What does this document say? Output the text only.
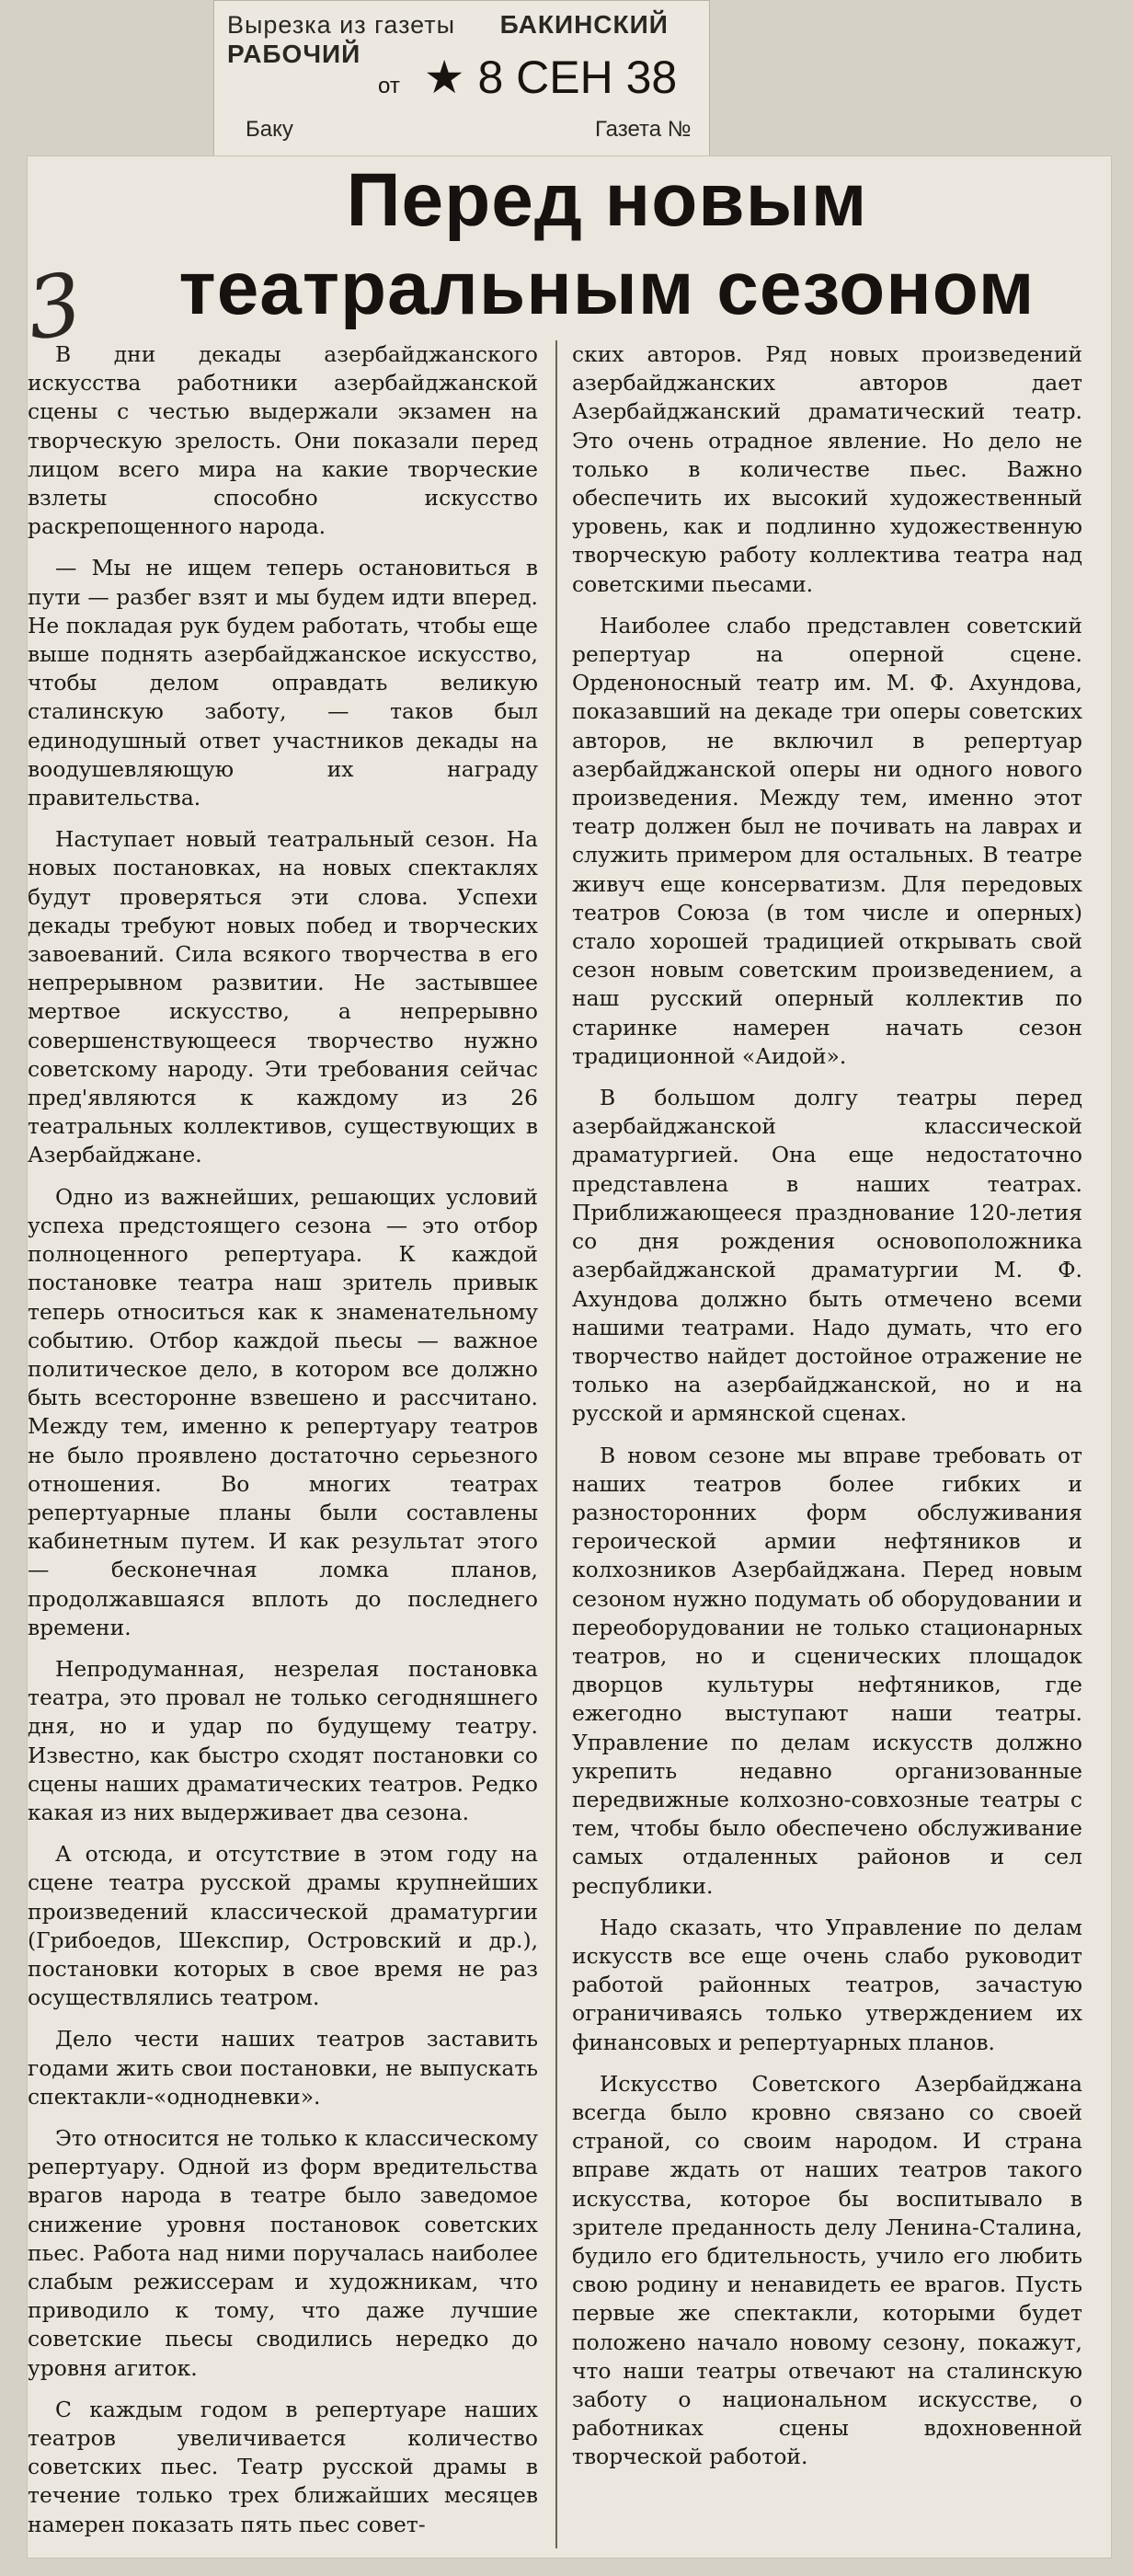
Вырезка из газеты БАКИНСКИЙ РАБОЧИЙ
от ★ 8 СЕН 38
Баку	Газета №
3
Перед новым
театральным сезоном

В дни декады азербайджанского искусства работники азербайджанской сцены с честью выдержали экзамен на творческую зрелость. Они показали перед лицом всего мира на какие творческие взлеты способно искусство раскрепощенного народа.

— Мы не ищем теперь остановиться в пути — разбег взят и мы будем идти вперед. Не покладая рук будем работать, чтобы еще выше поднять азербайджанское искусство, чтобы делом оправдать великую сталинскую заботу, — таков был единодушный ответ участников декады на воодушевляющую их награду правительства.

Наступает новый театральный сезон. На новых постановках, на новых спектаклях будут проверяться эти слова. Успехи декады требуют новых побед и творческих завоеваний. Сила всякого творчества в его непрерывном развитии. Не застывшее мертвое искусство, а непрерывно совершенствующееся творчество нужно советскому народу. Эти требования сейчас пред'являются к каждому из 26 театральных коллективов, существующих в Азербайджане.

Одно из важнейших, решающих условий успеха предстоящего сезона — это отбор полноценного репертуара. К каждой постановке театра наш зритель привык теперь относиться как к знаменательному событию. Отбор каждой пьесы — важное политическое дело, в котором все должно быть всесторонне взвешено и рассчитано. Между тем, именно к репертуару театров не было проявлено достаточно серьезного отношения. Во многих театрах репертуарные планы были составлены кабинетным путем. И как результат этого — бесконечная ломка планов, продолжавшаяся вплоть до последнего времени.

Непродуманная, незрелая постановка театра, это провал не только сегодняшнего дня, но и удар по будущему театру. Известно, как быстро сходят постановки со сцены наших драматических театров. Редко какая из них выдерживает два сезона.

А отсюда, и отсутствие в этом году на сцене театра русской драмы крупнейших произведений классической драматургии (Грибоедов, Шекспир, Островский и др.), постановки которых в свое время не раз осуществлялись театром.

Дело чести наших театров заставить годами жить свои постановки, не выпускать спектакли-«однодневки».

Это относится не только к классическому репертуару. Одной из форм вредительства врагов народа в театре было заведомое снижение уровня постановок советских пьес. Работа над ними поручалась наиболее слабым режиссерам и художникам, что приводило к тому, что даже лучшие советские пьесы сводились нередко до уровня агиток.

С каждым годом в репертуаре наших театров увеличивается количество советских пьес. Театр русской драмы в течение только трех ближайших месяцев намерен показать пять пьес совет-

ских авторов. Ряд новых произведений азербайджанских авторов дает Азербайджанский драматический театр. Это очень отрадное явление. Но дело не только в количестве пьес. Важно обеспечить их высокий художественный уровень, как и подлинно художественную творческую работу коллектива театра над советскими пьесами.

Наиболее слабо представлен советский репертуар на оперной сцене. Орденоносный театр им. М. Ф. Ахундова, показавший на декаде три оперы советских авторов, не включил в репертуар азербайджанской оперы ни одного нового произведения. Между тем, именно этот театр должен был не почивать на лаврах и служить примером для остальных. В театре живуч еще консерватизм. Для передовых театров Союза (в том числе и оперных) стало хорошей традицией открывать свой сезон новым советским произведением, а наш русский оперный коллектив по старинке намерен начать сезон традиционной «Аидой».

В большом долгу театры перед азербайджанской классической драматургией. Она еще недостаточно представлена в наших театрах. Приближающееся празднование 120-летия со дня рождения основоположника азербайджанской драматургии М. Ф. Ахундова должно быть отмечено всеми нашими театрами. Надо думать, что его творчество найдет достойное отражение не только на азербайджанской, но и на русской и армянской сценах.

В новом сезоне мы вправе требовать от наших театров более гибких и разносторонних форм обслуживания героической армии нефтяников и колхозников Азербайджана. Перед новым сезоном нужно подумать об оборудовании и переоборудовании не только стационарных театров, но и сценических площадок дворцов культуры нефтяников, где ежегодно выступают наши театры. Управление по делам искусств должно укрепить недавно организованные передвижные колхозно-совхозные театры с тем, чтобы было обеспечено обслуживание самых отдаленных районов и сел республики.

Надо сказать, что Управление по делам искусств все еще очень слабо руководит работой районных театров, зачастую ограничиваясь только утверждением их финансовых и репертуарных планов.

Искусство Советского Азербайджана всегда было кровно связано со своей страной, со своим народом. И страна вправе ждать от наших театров такого искусства, которое бы воспитывало в зрителе преданность делу Ленина-Сталина, будило его бдительность, учило его любить свою родину и ненавидеть ее врагов. Пусть первые же спектакли, которыми будет положено начало новому сезону, покажут, что наши театры отвечают на сталинскую заботу о национальном искусстве, о работниках сцены вдохновенной творческой работой.
